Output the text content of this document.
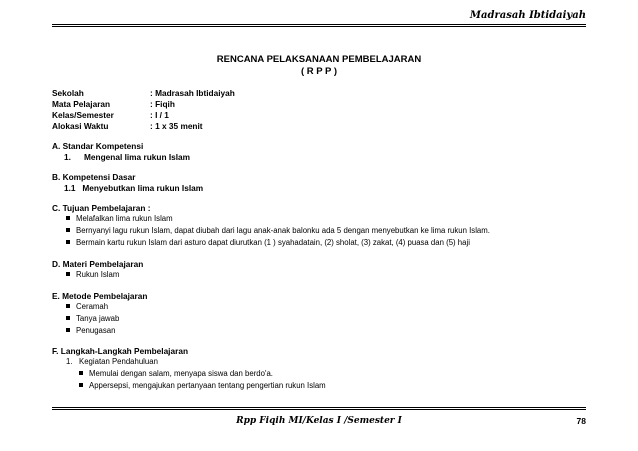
Madrasah Ibtidaiyah
RENCANA PELAKSANAAN PEMBELAJARAN
( R P P )
Sekolah	: Madrasah Ibtidaiyah
Mata Pelajaran	: Fiqih
Kelas/Semester	: I / 1
Alokasi Waktu	: 1 x 35 menit
A. Standar Kompetensi
1. Mengenal lima rukun Islam
B. Kompetensi Dasar
1.1 Menyebutkan lima rukun Islam
C. Tujuan Pembelajaran :
Melafalkan lima rukun Islam
Bernyanyi lagu rukun Islam, dapat diubah dari lagu anak-anak balonku ada 5 dengan menyebutkan ke lima rukun Islam.
Bermain kartu rukun Islam dari asturo dapat diurutkan (1 ) syahadatain, (2) sholat, (3) zakat, (4) puasa dan (5) haji
D. Materi Pembelajaran
Rukun Islam
E. Metode Pembelajaran
Ceramah
Tanya jawab
Penugasan
F. Langkah-Langkah Pembelajaran
1. Kegiatan Pendahuluan
Memulai dengan salam, menyapa siswa dan berdo'a.
Appersepsi, mengajukan pertanyaan tentang pengertian rukun Islam
Rpp Fiqih MI/Kelas I /Semester I	78
